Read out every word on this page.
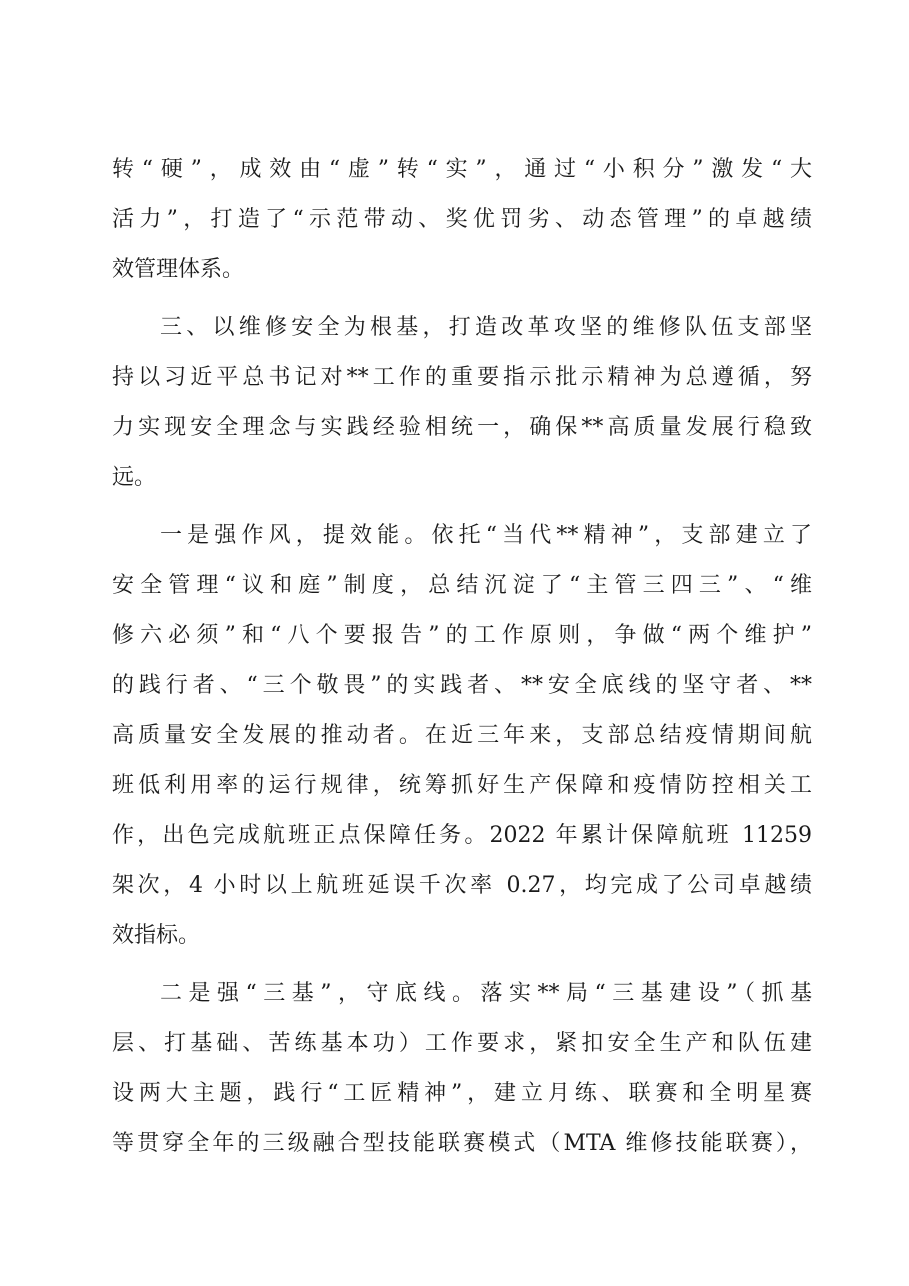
转“硬”，成效由“虚”转“实”，通过“小积分”激发“大
活力”，打造了“示范带动、奖优罚劣、动态管理”的卓越绩
效管理体系。
三、以维修安全为根基，打造改革攻坚的维修队伍支部坚
持以习近平总书记对**工作的重要指示批示精神为总遵循，努
力实现安全理念与实践经验相统一，确保**高质量发展行稳致
远。
一是强作风，提效能。依托“当代**精神”，支部建立了
安全管理“议和庭”制度，总结沉淀了“主管三四三”、“维
修六必须”和“八个要报告”的工作原则，争做“两个维护”
的践行者、“三个敬畏”的实践者、**安全底线的坚守者、**
高质量安全发展的推动者。在近三年来，支部总结疫情期间航
班低利用率的运行规律，统筹抓好生产保障和疫情防控相关工
作，出色完成航班正点保障任务。2022 年累计保障航班 11259
架次，4 小时以上航班延误千次率 0.27，均完成了公司卓越绩
效指标。
二是强“三基”，守底线。落实**局“三基建设”（抓基
层、打基础、苦练基本功）工作要求，紧扣安全生产和队伍建
设两大主题，践行“工匠精神”，建立月练、联赛和全明星赛
等贯穿全年的三级融合型技能联赛模式（MTA 维修技能联赛），
